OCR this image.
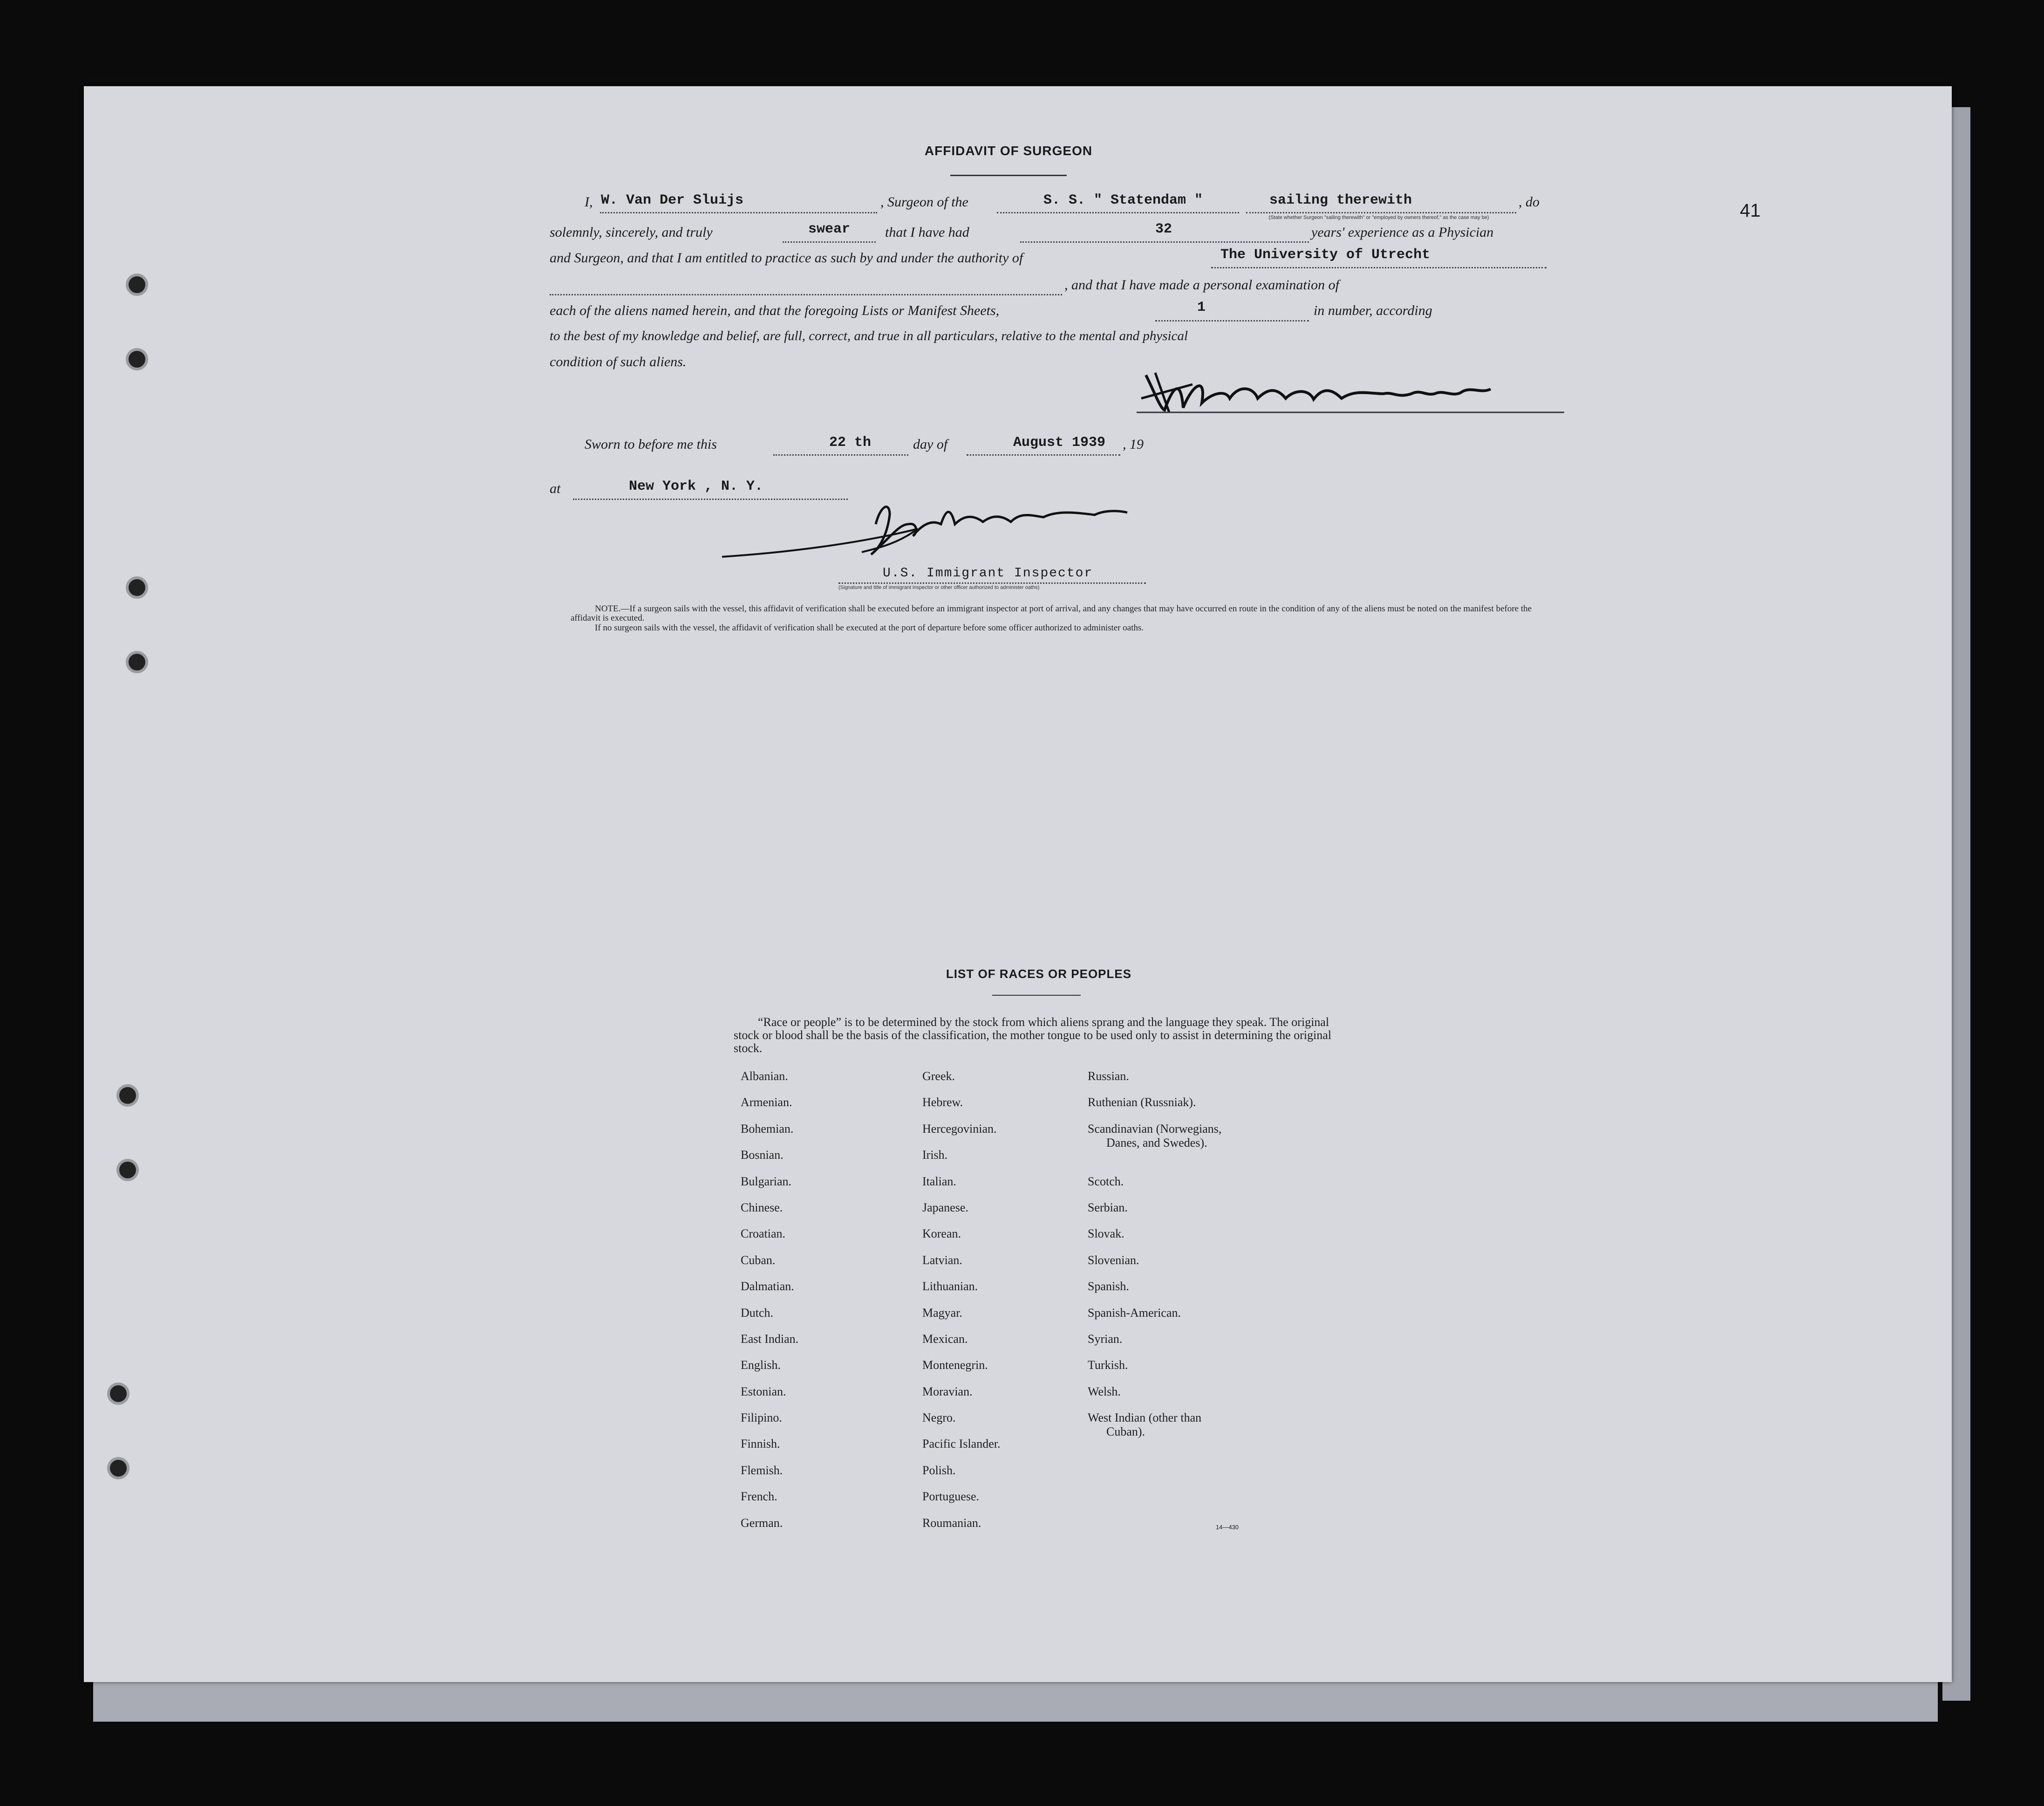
41
AFFIDAVIT OF SURGEON
I, W. Van Der Sluijs	, Surgeon of the	S. S. " Statendam "	sailing therewith	, do
(State whether Surgeon "sailing therewith" or "employed by owners thereof," as the case may be)
solemnly, sincerely, and truly	swear that I have had	32	years' experience as a Physician
and Surgeon, and that I am entitled to practice as such by and under the authority of	The University of Utrecht
, and that I have made a personal examination of
each of the aliens named herein, and that the foregoing Lists or Manifest Sheets,	1	in number, according
to the best of my knowledge and belief, are full, correct, and true in all particulars, relative to the mental and physical
condition of such aliens.
Sworn to before me this	22 th	day of	August 1939 , 19
at	New York , N. Y.
U.S. Immigrant Inspector
(Signature and title of immigrant inspector or other officer authorized to administer oaths)
NOTE.—If a surgeon sails with the vessel, this affidavit of verification shall be executed before an immigrant inspector at port of arrival, and any changes that may have occurred en route in the condition of any of the aliens must be noted on the manifest before the affidavit is executed.
If no surgeon sails with the vessel, the affidavit of verification shall be executed at the port of departure before some officer authorized to administer oaths.
LIST OF RACES OR PEOPLES
“Race or people” is to be determined by the stock from which aliens sprang and the language they speak. The original stock or blood shall be the basis of the classification, the mother tongue to be used only to assist in determining the original stock.
Albanian.
Armenian.
Bohemian.
Bosnian.
Bulgarian.
Chinese.
Croatian.
Cuban.
Dalmatian.
Dutch.
East Indian.
English.
Estonian.
Filipino.
Finnish.
Flemish.
French.
German.
Greek.
Hebrew.
Hercegovinian.
Irish.
Italian.
Japanese.
Korean.
Latvian.
Lithuanian.
Magyar.
Mexican.
Montenegrin.
Moravian.
Negro.
Pacific Islander.
Polish.
Portuguese.
Roumanian.
Russian.
Ruthenian (Russniak).
Scandinavian (Norwegians,
Danes, and Swedes).
Scotch.
Serbian.
Slovak.
Slovenian.
Spanish.
Spanish-American.
Syrian.
Turkish.
Welsh.
West Indian (other than
Cuban).
14—430
